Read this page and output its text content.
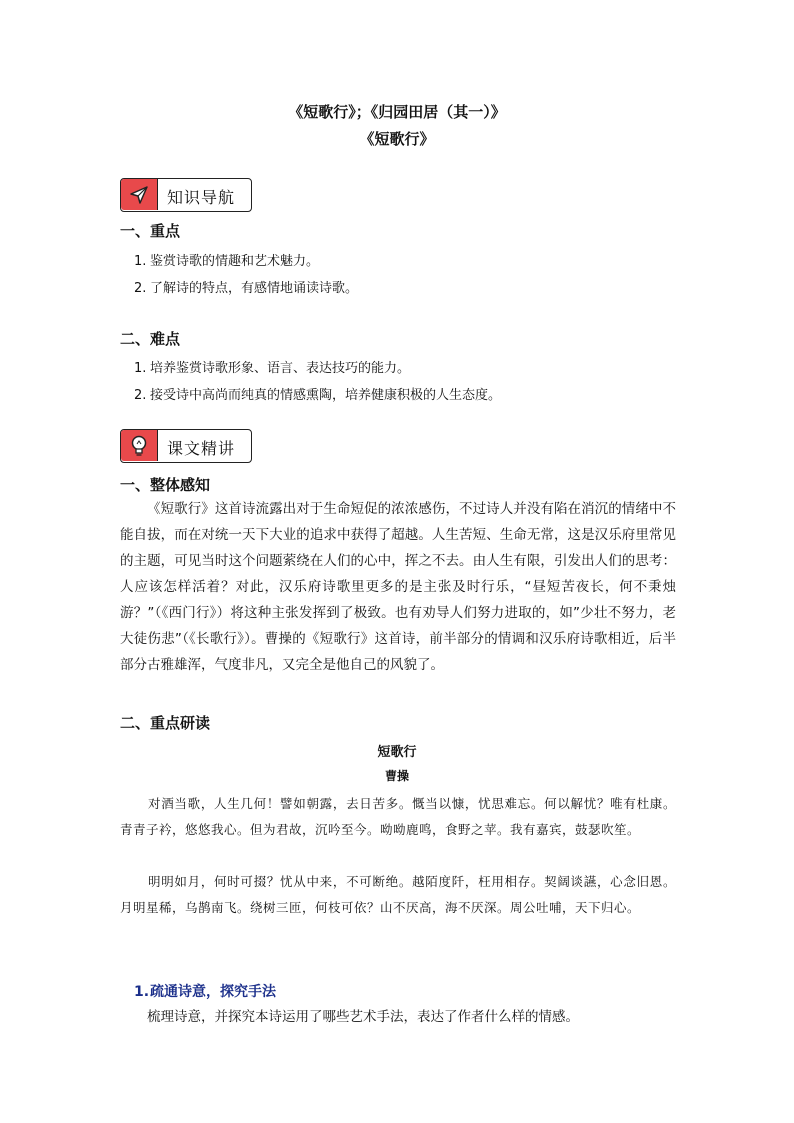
《短歌行》；《归园田居（其一）》
《短歌行》
知识导航
一、重点
1. 鉴赏诗歌的情趣和艺术魅力。
2. 了解诗的特点，有感情地诵读诗歌。
二、难点
1. 培养鉴赏诗歌形象、语言、表达技巧的能力。
2. 接受诗中高尚而纯真的情感熏陶，培养健康积极的人生态度。
课文精讲
一、整体感知
《短歌行》这首诗流露出对于生命短促的浓浓感伤，不过诗人并没有陷在消沉的情绪中不能自拔，而在对统一天下大业的追求中获得了超越。人生苦短、生命无常，这是汉乐府里常见的主题，可见当时这个问题萦绕在人们的心中，挥之不去。由人生有限，引发出人们的思考：人应该怎样活着？对此，汉乐府诗歌里更多的是主张及时行乐，“昼短苦夜长，何不秉烛游？”（《西门行》）将这种主张发挥到了极致。也有劝导人们努力进取的，如”少壮不努力，老大徒伤悲”（《长歌行》）。曹操的《短歌行》这首诗，前半部分的情调和汉乐府诗歌相近，后半部分古雅雄浑，气度非凡，又完全是他自己的风貌了。
二、重点研读
短歌行
曹操
对酒当歌，人生几何！譬如朝露，去日苦多。慨当以慷，忧思难忘。何以解忧？唯有杜康。青青子衿，悠悠我心。但为君故，沉吟至今。呦呦鹿鸣，食野之苹。我有嘉宾，鼓瑟吹笙。
明明如月，何时可掇？忧从中来，不可断绝。越陌度阡，枉用相存。契阔谈讌，心念旧恩。月明星稀，乌鹊南飞。绕树三匝，何枝可依？山不厌高，海不厌深。周公吐哺，天下归心。
1.疏通诗意，探究手法
梳理诗意，并探究本诗运用了哪些艺术手法，表达了作者什么样的情感。
